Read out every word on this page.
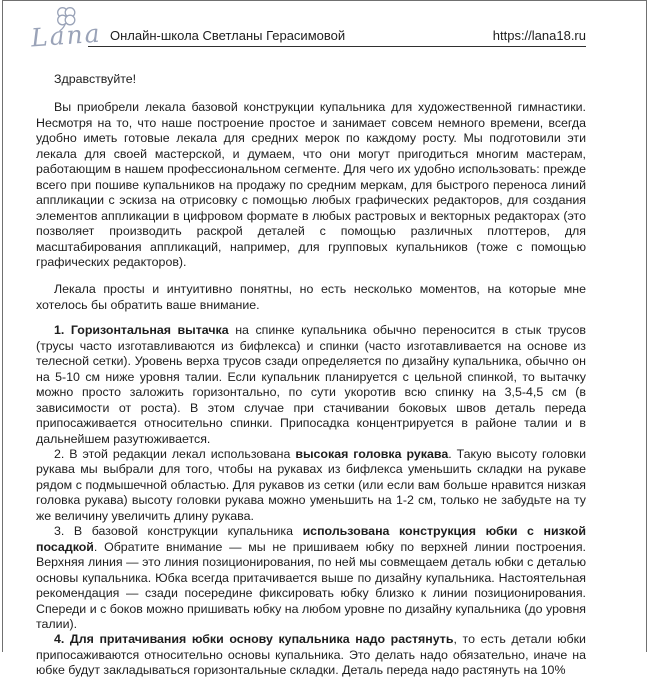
Lana Онлайн-школа Светланы Герасимовой	https://lana18.ru

Здравствуйте!

Вы приобрели лекала базовой конструкции купальника для художественной гимнастики. Несмотря на то, что наше построение простое и занимает совсем немного времени, всегда удобно иметь готовые лекала для средних мерок по каждому росту. Мы подготовили эти лекала для своей мастерской, и думаем, что они могут пригодиться многим мастерам, работающим в нашем профессиональном сегменте. Для чего их удобно использовать: прежде всего при пошиве купальников на продажу по средним меркам, для быстрого переноса линий аппликации с эскиза на отрисовку с помощью любых графических редакторов, для создания элементов аппликации в цифровом формате в любых растровых и векторных редакторах (это позволяет производить раскрой деталей с помощью различных плоттеров, для масштабирования аппликаций, например, для групповых купальников (тоже с помощью графических редакторов).

Лекала просты и интуитивно понятны, но есть несколько моментов, на которые мне хотелось бы обратить ваше внимание.

1. Горизонтальная вытачка на спинке купальника обычно переносится в стык трусов (трусы часто изготавливаются из бифлекса) и спинки (часто изготавливается на основе из телесной сетки). Уровень верха трусов сзади определяется по дизайну купальника, обычно он на 5-10 см ниже уровня талии. Если купальник планируется с цельной спинкой, то вытачку можно просто заложить горизонтально, по сути укоротив всю спинку на 3,5-4,5 см (в зависимости от роста). В этом случае при стачивании боковых швов деталь переда припосаживается относительно спинки. Припосадка концентрируется в районе талии и в дальнейшем разутюживается.

2. В этой редакции лекал использована высокая головка рукава. Такую высоту головки рукава мы выбрали для того, чтобы на рукавах из бифлекса уменьшить складки на рукаве рядом с подмышечной областью. Для рукавов из сетки (или если вам больше нравится низкая головка рукава) высоту головки рукава можно уменьшить на 1-2 см, только не забудьте на ту же величину увеличить длину рукава.

3. В базовой конструкции купальника использована конструкция юбки с низкой посадкой. Обратите внимание — мы не пришиваем юбку по верхней линии построения. Верхняя линия — это линия позиционирования, по ней мы совмещаем деталь юбки с деталью основы купальника. Юбка всегда притачивается выше по дизайну купальника. Настоятельная рекомендация — сзади посередине фиксировать юбку близко к линии позиционирования. Спереди и с боков можно пришивать юбку на любом уровне по дизайну купальника (до уровня талии).

4. Для притачивания юбки основу купальника надо растянуть, то есть детали юбки припосаживаются относительно основы купальника. Это делать надо обязательно, иначе на юбке будут закладываться горизонтальные складки. Деталь переда надо растянуть на 10%
